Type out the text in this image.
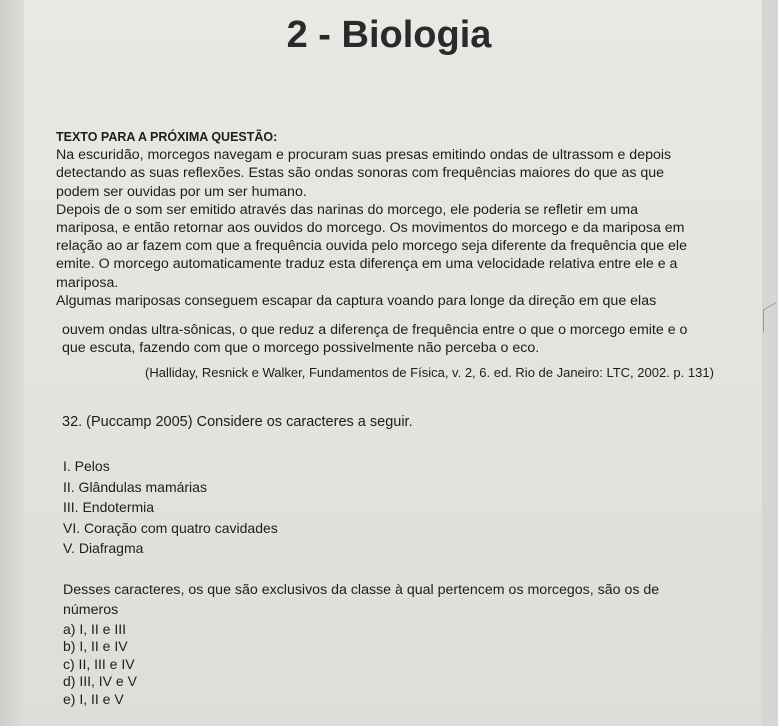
2 - Biologia
TEXTO PARA A PRÓXIMA QUESTÃO:
Na escuridão, morcegos navegam e procuram suas presas emitindo ondas de ultrassom e depois
detectando as suas reflexões. Estas são ondas sonoras com frequências maiores do que as que
podem ser ouvidas por um ser humano.
Depois de o som ser emitido através das narinas do morcego, ele poderia se refletir em uma
mariposa, e então retornar aos ouvidos do morcego. Os movimentos do morcego e da mariposa em
relação ao ar fazem com que a frequência ouvida pelo morcego seja diferente da frequência que ele
emite. O morcego automaticamente traduz esta diferença em uma velocidade relativa entre ele e a
mariposa.
Algumas mariposas conseguem escapar da captura voando para longe da direção em que elas
ouvem ondas ultra-sônicas, o que reduz a diferença de frequência entre o que o morcego emite e o
que escuta, fazendo com que o morcego possivelmente não perceba o eco.
(Halliday, Resnick e Walker, Fundamentos de Física, v. 2, 6. ed. Rio de Janeiro: LTC, 2002. p. 131)
32. (Puccamp 2005) Considere os caracteres a seguir.
I. Pelos
II. Glândulas mamárias
III. Endotermia
VI. Coração com quatro cavidades
V. Diafragma
Desses caracteres, os que são exclusivos da classe à qual pertencem os morcegos, são os de
números
a) I, II e III
b) I, II e IV
c) II, III e IV
d) III, IV e V
e) I, II e V
